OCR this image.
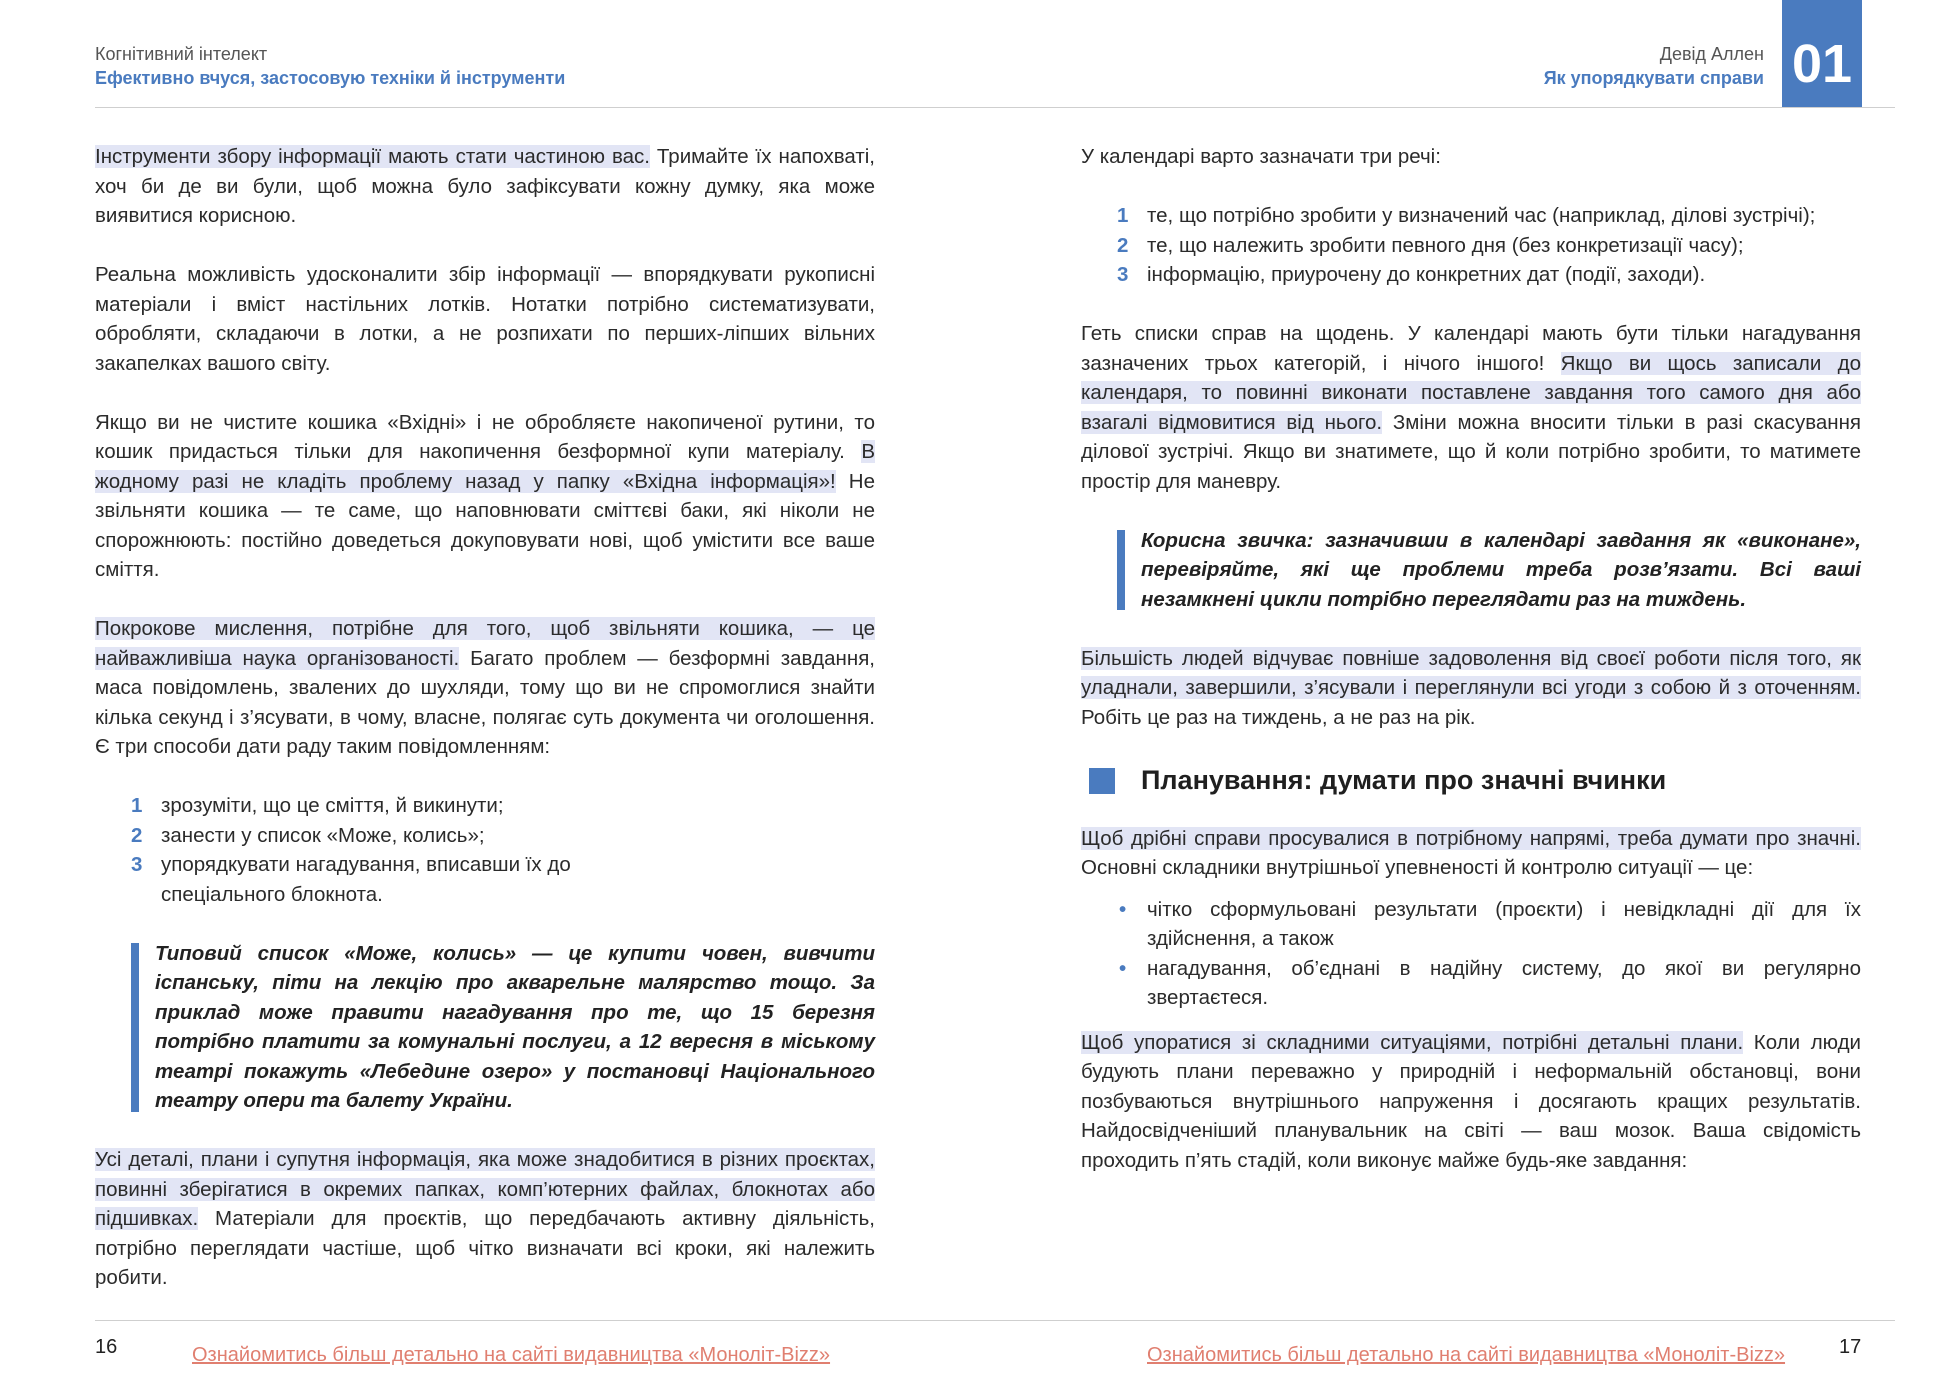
Когнітивний інтелект
Ефективно вчуся, застосовую техніки й інструменти

Інструменти збору інформації мають стати частиною вас. Тримайте їх напохваті, хоч би де ви були, щоб можна було зафіксувати кожну думку, яка може виявитися корисною.

Реальна можливість удосконалити збір інформації — впорядкувати рукописні матеріали і вміст настільних лотків. Нотатки потрібно систематизувати, обробляти, складаючи в лотки, а не розпихати по перших-ліпших вільних закапелках вашого світу.

Якщо ви не чистите кошика «Вхідні» і не обробляєте накопиченої рутини, то кошик придасться тільки для накопичення безформної купи матеріалу. В жодному разі не кладіть проблему назад у папку «Вхідна інформація»! Не звільняти кошика — те саме, що наповнювати сміттєві баки, які ніколи не спорожнюють: постійно доведеться докуповувати нові, щоб умістити все ваше сміття.

Покрокове мислення, потрібне для того, щоб звільняти кошика, — це найважливіша наука організованості. Багато проблем — безформні завдання, маса повідомлень, звалених до шухляди, тому що ви не спромоглися знайти кілька секунд і з’ясувати, в чому, власне, полягає суть документа чи оголошення. Є три способи дати раду таким повідомленням:

1 зрозуміти, що це сміття, й викинути;
2 занести у список «Може, колись»;
3 упорядкувати нагадування, вписавши їх до спеціального блокнота.
Типовий список «Може, колись» — це купити човен, вивчити іспанську, піти на лекцію про акварельне малярство тощо. За приклад може правити нагадування про те, що 15 березня потрібно платити за комунальні послуги, а 12 вересня в міському театрі покажуть «Лебедине озеро» у постановці Національного театру опери та балету України.

Усі деталі, плани і супутня інформація, яка може знадобитися в різних проєктах, повинні зберігатися в окремих папках, комп’ютерних файлах, блокнотах або підшивках. Матеріали для проєктів, що передбачають активну діяльність, потрібно переглядати частіше, щоб чітко визначати всі кроки, які належить робити.

16	Ознайомитись більш детально на сайті видавництва «Моноліт-Bizz»
Девід Аллен
Як упорядкувати справи 01

У календарі варто зазначати три речі:

1 те, що потрібно зробити у визначений час (наприклад, ділові зустрічі);
2 те, що належить зробити певного дня (без конкретизації часу);
3 інформацію, приурочену до конкретних дат (події, заходи).

Геть списки справ на щодень. У календарі мають бути тільки нагадування зазначених трьох категорій, і нічого іншого! Якщо ви щось записали до календаря, то повинні виконати поставлене завдання того самого дня або взагалі відмовитися від нього. Зміни можна вносити тільки в разі скасування ділової зустрічі. Якщо ви знатимете, що й коли потрібно зробити, то матимете простір для маневру.

Корисна звичка: зазначивши в календарі завдання як «виконане», перевіряйте, які ще проблеми треба розв’язати. Всі ваші незамкнені цикли потрібно переглядати раз на тиждень.

Більшість людей відчуває повніше задоволення від своєї роботи після того, як уладнали, завершили, з’ясували і переглянули всі угоди з собою й з оточенням. Робіть це раз на тиждень, а не раз на рік.

Планування: думати про значні вчинки

Щоб дрібні справи просувалися в потрібному напрямі, треба думати про значні. Основні складники внутрішньої упевненості й контролю ситуації — це:

• чітко сформульовані результати (проєкти) і невідкладні дії для їх здійснення, а також
• нагадування, об’єднані в надійну систему, до якої ви регулярно звертаєтеся.

Щоб упоратися зі складними ситуаціями, потрібні детальні плани. Коли люди будують плани переважно у природній і неформальній обстановці, вони позбуваються внутрішнього напруження і досягають кращих результатів. Найдосвідченіший планувальник на світі — ваш мозок. Ваша свідомість проходить п’ять стадій, коли виконує майже будь-яке завдання:

Ознайомитись більш детально на сайті видавництва «Моноліт-Bizz»	17
